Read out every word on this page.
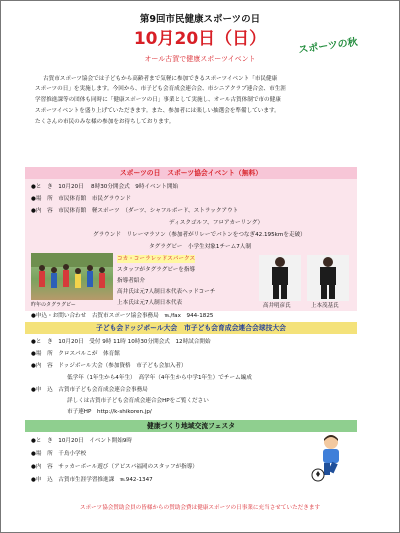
第9回市民健康スポーツの日
10月20日（日）
オール古賀で健康スポーツイベント
スポーツの秋
古賀市スポーツ協会では子どもから高齢者まで気軽に参加できるスポーツイベント「市民健康
スポーツの日」を実施します。今回から、市子ども会育成会連合会、市シニアクラブ連合会、市生涯
学習推進課等の団体も同時に「健康スポーツの日」事業として実施し、オール古賀体制で市の健康
スポーツイベントを盛り上げていただきます。また、参加者には楽しい抽選会を準備しています。
たくさんの市民のみな様の参加をお待ちしております。
スポーツの日　スポーツ協会イベント（無料）
●と　き　10月20日　 8時30分開会式　9時イベント開始
●場　所　市民体育館　市民グラウンド
●内　容　市民体育館　軽スポーツ　（ダーツ、シャフルボード、ストラックアウト
ディスクゴルフ、フロアカーリング）
グラウンド　リレーマラソン（参加者がリレーでバトンをつなぎ42.195kmを走破）
タグラグビー　小学生対象1チーム7人制
コカ・コーラレッドスパークス
スタッフがタグラグビーを指導
指導者紹介
高井氏は元7人制日本代表ヘッドコーチ
上本氏は元7人制日本代表
昨年のタグラグビー	高井明彦氏	上本茂基氏
●申込・お問い合わせ　古賀市スポーツ協会事務局　℡/fax　944-1825
子ども会ドッジボール大会　市子ども会育成会連合会球技大会
●と　き　10月20日　受付 9時 11時 10時30分開会式　12時試合開始
●場　所　クロスパルこが　体育館
●内　容　ドッジボール大会（参加資格　市子ども会加入者）
低学年（1年生から4年生）　高学年（4年生から中学1年生）でチーム編成
●申　込　古賀市子ども会育成会連合会事務局
詳しくは古賀市子ども会育成会連合会HPをご覧ください
市子連HP　http://k-shikoren.jp/
健康づくり地域交流フェスタ
●と　き　10月20日　イベント開始9時
●場　所　千鳥小学校
●内　容　サッカーボール遊び（アビスパ福岡のスタッフが指導）
●申　込　古賀市生涯学習推進課　℡942-1347
スポーツ協会賛助会員の皆様からの賛助会費は健康スポーツの日事業に充当させていただきます
